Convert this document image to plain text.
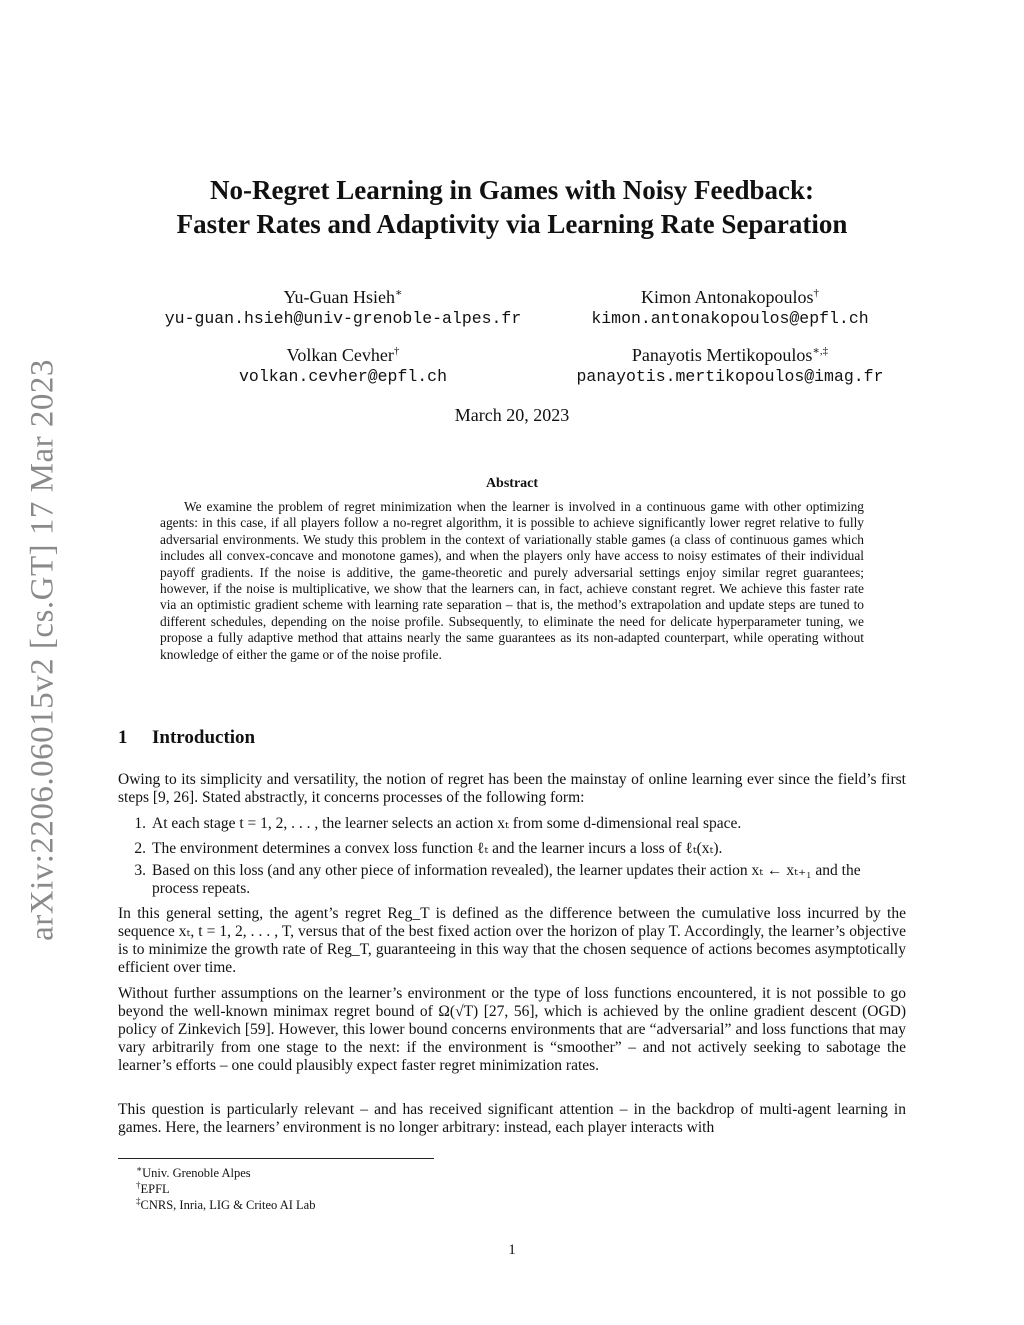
arXiv:2206.06015v2 [cs.GT] 17 Mar 2023
No-Regret Learning in Games with Noisy Feedback:
Faster Rates and Adaptivity via Learning Rate Separation
Yu-Guan Hsieh∗
yu-guan.hsieh@univ-grenoble-alpes.fr
Kimon Antonakopoulos†
kimon.antonakopoulos@epfl.ch
Volkan Cevher†
volkan.cevher@epfl.ch
Panayotis Mertikopoulos∗,‡
panayotis.mertikopoulos@imag.fr
March 20, 2023
Abstract
We examine the problem of regret minimization when the learner is involved in a continuous game with other optimizing agents: in this case, if all players follow a no-regret algorithm, it is possible to achieve significantly lower regret relative to fully adversarial environments. We study this problem in the context of variationally stable games (a class of continuous games which includes all convex-concave and monotone games), and when the players only have access to noisy estimates of their individual payoff gradients. If the noise is additive, the game-theoretic and purely adversarial settings enjoy similar regret guarantees; however, if the noise is multiplicative, we show that the learners can, in fact, achieve constant regret. We achieve this faster rate via an optimistic gradient scheme with learning rate separation – that is, the method’s extrapolation and update steps are tuned to different schedules, depending on the noise profile. Subsequently, to eliminate the need for delicate hyperparameter tuning, we propose a fully adaptive method that attains nearly the same guarantees as its non-adapted counterpart, while operating without knowledge of either the game or of the noise profile.
1 Introduction
Owing to its simplicity and versatility, the notion of regret has been the mainstay of online learning ever since the field’s first steps [9, 26]. Stated abstractly, it concerns processes of the following form:
1. At each stage t = 1, 2, . . . , the learner selects an action xₜ from some d-dimensional real space.
2. The environment determines a convex loss function ℓₜ and the learner incurs a loss of ℓₜ(xₜ).
3. Based on this loss (and any other piece of information revealed), the learner updates their action xₜ ← xₜ₊₁ and the process repeats.
In this general setting, the agent’s regret Reg_T is defined as the difference between the cumulative loss incurred by the sequence xₜ, t = 1, 2, . . . , T, versus that of the best fixed action over the horizon of play T. Accordingly, the learner’s objective is to minimize the growth rate of Reg_T, guaranteeing in this way that the chosen sequence of actions becomes asymptotically efficient over time.
Without further assumptions on the learner’s environment or the type of loss functions encountered, it is not possible to go beyond the well-known minimax regret bound of Ω(√T) [27, 56], which is achieved by the online gradient descent (OGD) policy of Zinkevich [59]. However, this lower bound concerns environments that are “adversarial” and loss functions that may vary arbitrarily from one stage to the next: if the environment is “smoother” – and not actively seeking to sabotage the learner’s efforts – one could plausibly expect faster regret minimization rates.
This question is particularly relevant – and has received significant attention – in the backdrop of multi-agent learning in games. Here, the learners’ environment is no longer arbitrary: instead, each player interacts with
∗Univ. Grenoble Alpes
†EPFL
‡CNRS, Inria, LIG & Criteo AI Lab
1
